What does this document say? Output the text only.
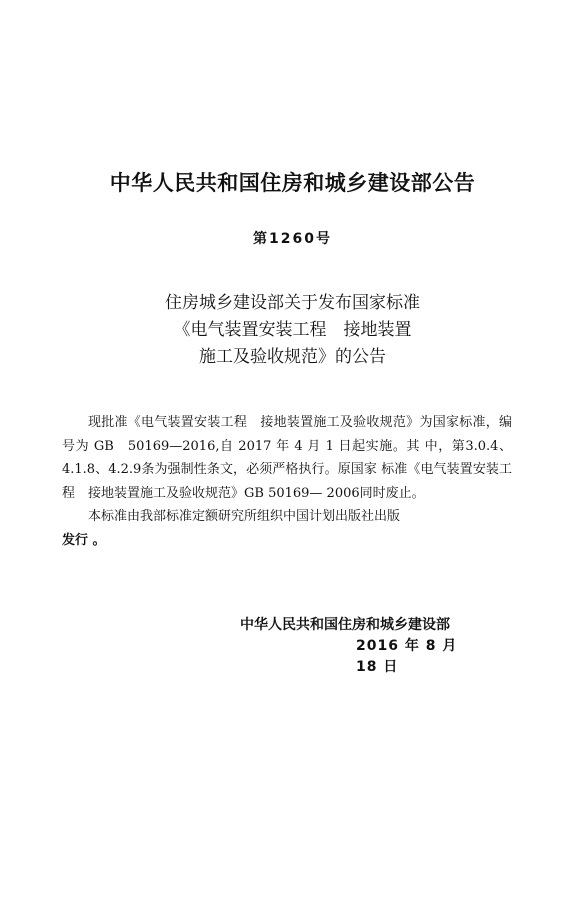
中华人民共和国住房和城乡建设部公告
第1260号
住房城乡建设部关于发布国家标准
《电气装置安装工程　接地装置
施工及验收规范》的公告

现批准《电气装置安装工程　接地装置施工及验收规范》为国家标准，编号为 GB　50169—2016,自 2017 年 4 月 1 日起实施。其 中，第3.0.4、4.1.8、4.2.9条为强制性条文，必须严格执行。原国家 标准《电气装置安装工程　接地装置施工及验收规范》GB 50169— 2006同时废止。

本标准由我部标准定额研究所组织中国计划出版社出版

发行 。
中华人民共和国住房和城乡建设部
2016 年 8 月 18 日
